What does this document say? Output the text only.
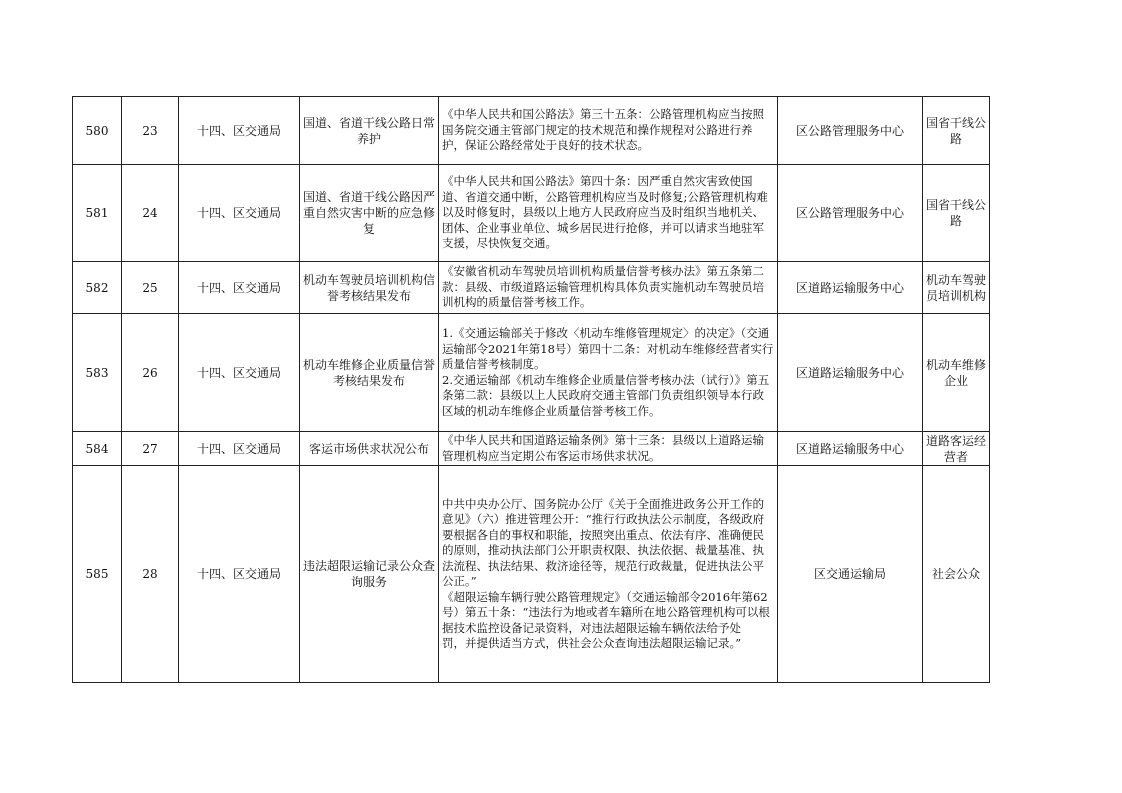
580	23	十四、区交通局	国道、省道干线公路日常养护	《中华人民共和国公路法》第三十五条：公路管理机构应当按照国务院交通主管部门规定的技术规范和操作规程对公路进行养护，保证公路经常处于良好的技术状态。	区公路管理服务中心	国省干线公路
581	24	十四、区交通局	国道、省道干线公路因严重自然灾害中断的应急修复	《中华人民共和国公路法》第四十条：因严重自然灾害致使国道、省道交通中断，公路管理机构应当及时修复;公路管理机构难以及时修复时，县级以上地方人民政府应当及时组织当地机关、团体、企业事业单位、城乡居民进行抢修，并可以请求当地驻军支援，尽快恢复交通。	区公路管理服务中心	国省干线公路
582	25	十四、区交通局	机动车驾驶员培训机构信誉考核结果发布	《安徽省机动车驾驶员培训机构质量信誉考核办法》第五条第二款：县级、市级道路运输管理机构具体负责实施机动车驾驶员培训机构的质量信誉考核工作。	区道路运输服务中心	机动车驾驶员培训机构
583	26	十四、区交通局	机动车维修企业质量信誉考核结果发布	1.《交通运输部关于修改〈机动车维修管理规定〉的决定》（交通运输部令2021年第18号）第四十二条：对机动车维修经营者实行质量信誉考核制度。
2.交通运输部《机动车维修企业质量信誉考核办法（试行）》第五条第二款：县级以上人民政府交通主管部门负责组织领导本行政区域的机动车维修企业质量信誉考核工作。	区道路运输服务中心	机动车维修企业
584	27	十四、区交通局	客运市场供求状况公布	《中华人民共和国道路运输条例》第十三条：县级以上道路运输管理机构应当定期公布客运市场供求状况。	区道路运输服务中心	道路客运经营者
585	28	十四、区交通局	违法超限运输记录公众查询服务	中共中央办公厅、国务院办公厅《关于全面推进政务公开工作的意见》（六）推进管理公开：“推行行政执法公示制度，各级政府要根据各自的事权和职能，按照突出重点、依法有序、准确便民的原则，推动执法部门公开职责权限、执法依据、裁量基准、执法流程、执法结果、救济途径等，规范行政裁量，促进执法公平公正。”
《超限运输车辆行驶公路管理规定》（交通运输部令2016年第62号）第五十条：“违法行为地或者车籍所在地公路管理机构可以根据技术监控设备记录资料，对违法超限运输车辆依法给予处
罚，并提供适当方式，供社会公众查询违法超限运输记录。”	区交通运输局	社会公众
